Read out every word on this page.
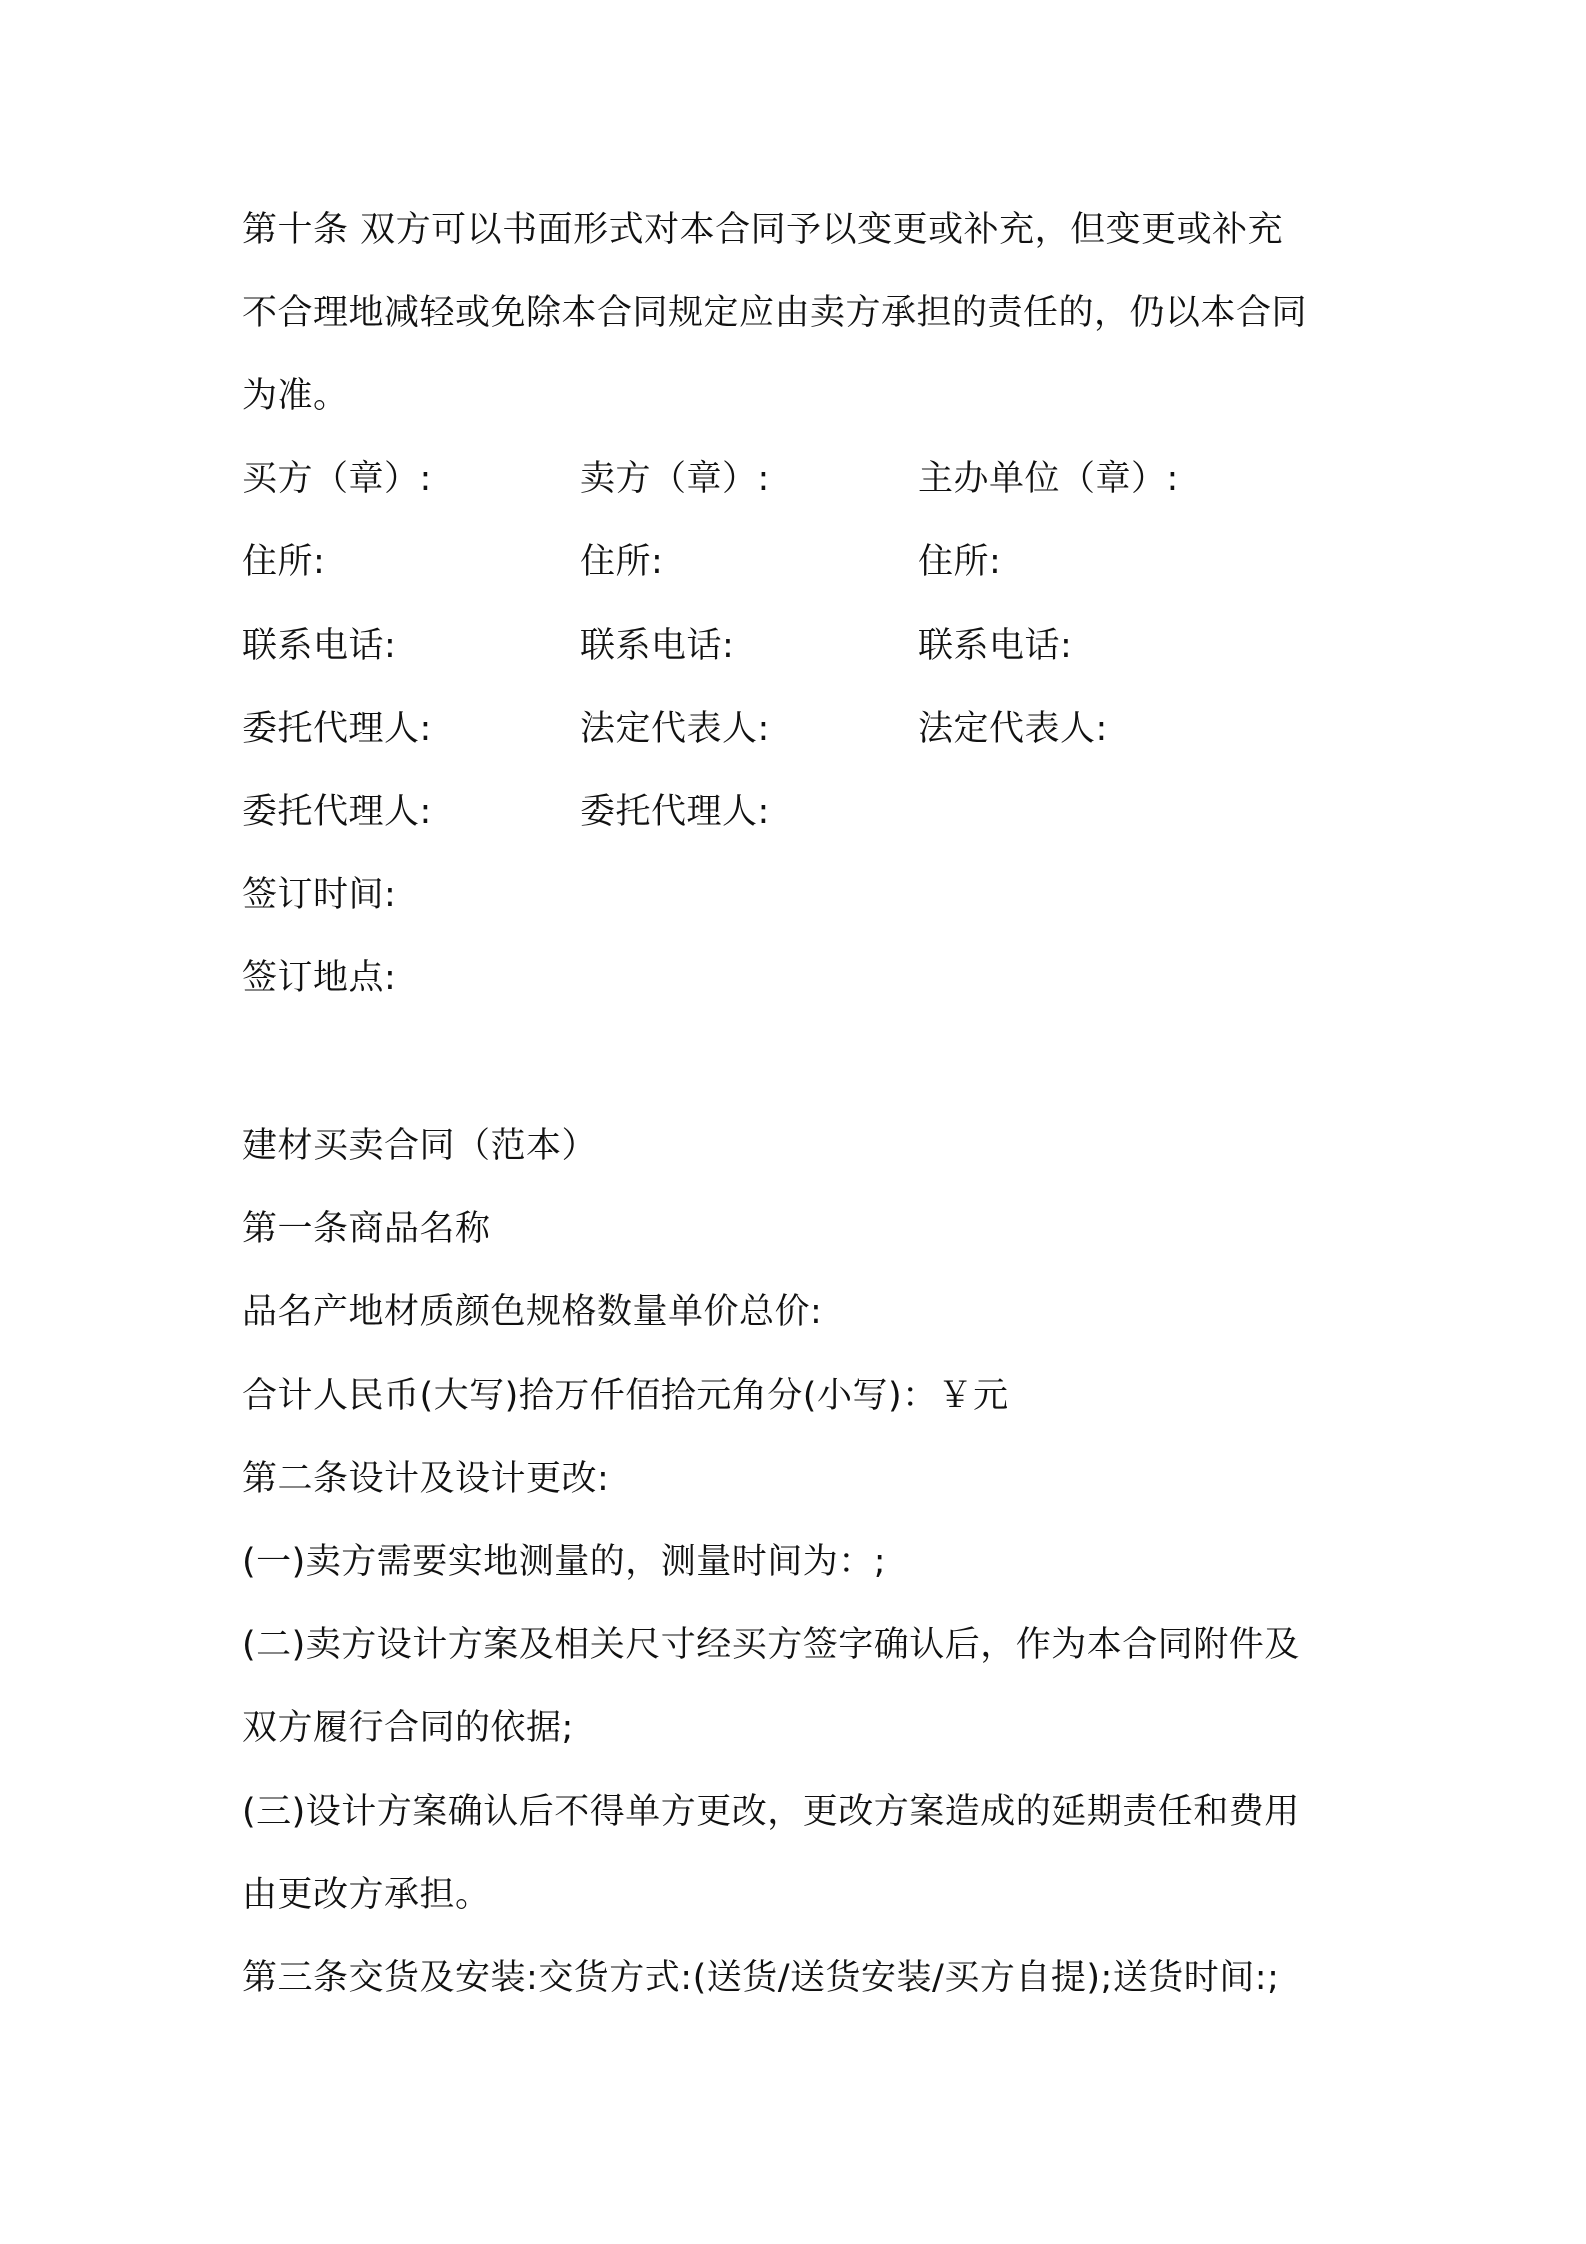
第十条 双方可以书面形式对本合同予以变更或补充，但变更或补充
不合理地减轻或免除本合同规定应由卖方承担的责任的，仍以本合同
为准。
买方（章）:	卖方（章）:	主办单位（章）:
住所:	住所:	住所:
联系电话:	联系电话:	联系电话:
委托代理人:	法定代表人:	法定代表人:
委托代理人:	委托代理人:
签订时间:
签订地点:
建材买卖合同（范本）
第一条商品名称
品名产地材质颜色规格数量单价总价:
合计人民币(大写)拾万仟佰拾元角分(小写)：￥元
第二条设计及设计更改:
(一)卖方需要实地测量的，测量时间为：;
(二)卖方设计方案及相关尺寸经买方签字确认后，作为本合同附件及
双方履行合同的依据;
(三)设计方案确认后不得单方更改，更改方案造成的延期责任和费用
由更改方承担。
第三条交货及安装:交货方式:(送货/送货安装/买方自提);送货时间:;
